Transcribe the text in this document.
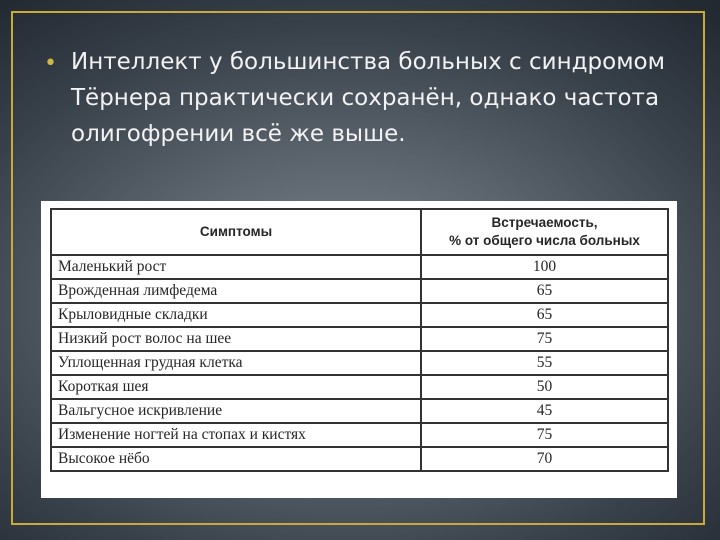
• Интеллект у большинства больных с синдромом Тёрнера практически сохранён, однако частота олигофрении всё же выше.
Симптомы	Встречаемость,
% от общего числа больных

Маленький рост	100
Врожденная лимфедема	65
Крыловидные складки	65
Низкий рост волос на шее	75
Уплощенная грудная клетка	55
Короткая шея	50
Вальгусное искривление	45
Изменение ногтей на стопах и кистях	75
Высокое нёбо	70
